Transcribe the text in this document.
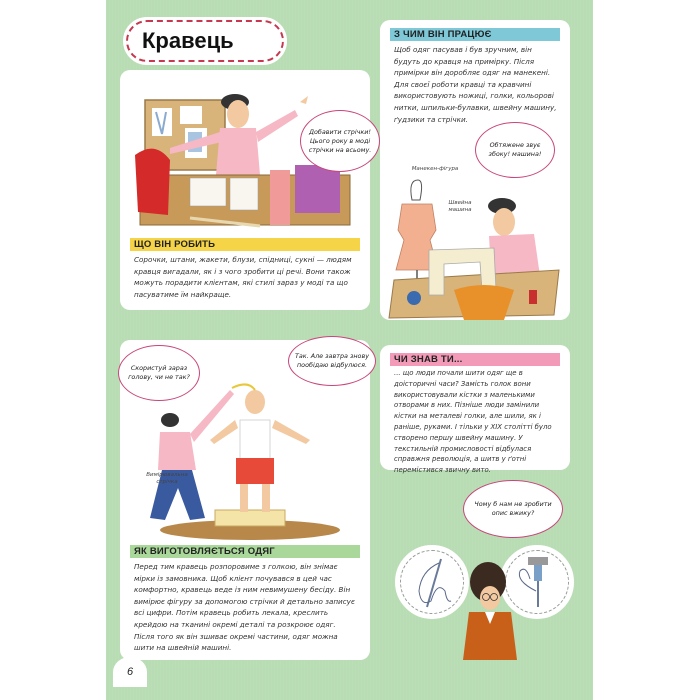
Кравець
ЩО ВІН РОБИТЬ
Сорочки, штани, жакети, блузи, спідниці, сукні — людям кравця вигадали, як і з чого зробити ці речі. Вони також можуть порадити клієнтам, які стилі зараз у моді та що пасуватиме їм найкраще.
Добавити стрічки! Цього року в моді стрічки на всьому.
З ЧИМ ВІН ПРАЦЮЄ
Щоб одяг пасував і був зручним, він будуть до кравця на примірку. Після примірки він доробляє одяг на манекені. Для своєї роботи кравці та кравчині використовують ножиці, голки, кольорові нитки, шпильки-булавки, швейну машину, ґудзики та стрічки.
Обтяжене звує збоку! машина!
Манекен-фігура
Швейна машина
ЯК ВИГОТОВЛЯЄТЬСЯ ОДЯГ
Перед тим кравець розпоровиме з голкою, він знімає мірки із замовника. Щоб клієнт почувався в цей час комфортно, кравець веде із ним невимушену бесіду. Він вимірює фігуру за допомогою стрічки й детально записує всі цифри. Потім кравець робить лекала, креслить крейдою на тканині окремі деталі та розкроює одяг. Після того як він зшиває окремі частини, одяг можна шити на швейній машині.
Скористуй зараз голову, чи не так?
Так. Але завтра знову пообідаю відбулюся.
Вимірювальна стрічка
ЧИ ЗНАВ ТИ...
... що люди почали шити одяг ще в доісторичні часи? Замість голок вони використовували кістки з маленькими отворами в них. Пізніше люди замінили кістки на металеві голки, але шили, як і раніше, руками. І тільки у XIX столітті було створено першу швейну машину. У текстильній промисловості відбулася справжня революція, а шитв у ґотні перемістився звичну вито.
Чому б нам не зробити опис вжику?
6
